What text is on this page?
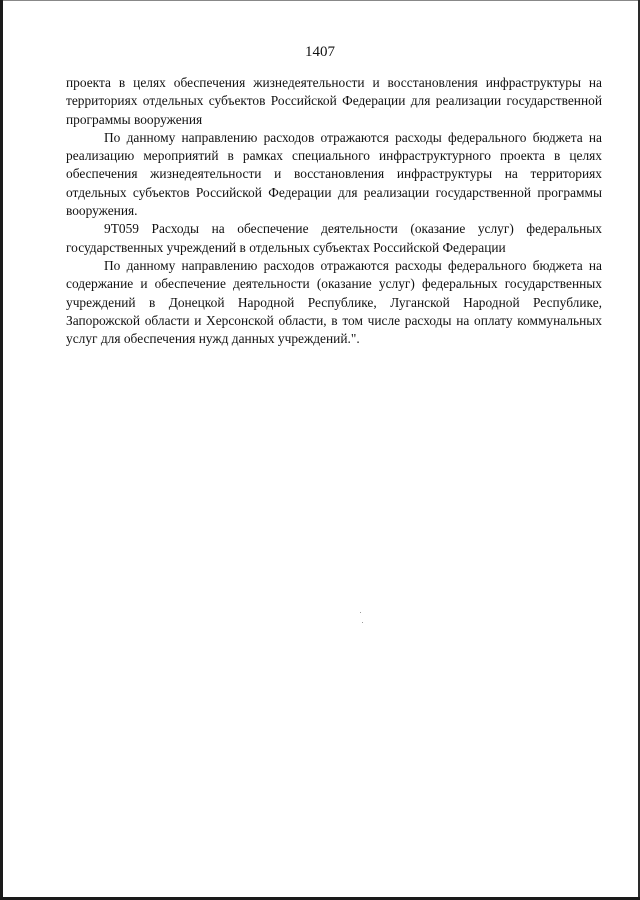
1407

проекта в целях обеспечения жизнедеятельности и восстановления инфраструктуры на территориях отдельных субъектов Российской Федерации для реализации государственной программы вооружения

По данному направлению расходов отражаются расходы федерального бюджета на реализацию мероприятий в рамках специального инфраструктурного проекта в целях обеспечения жизнедеятельности и восстановления инфраструктуры на территориях отдельных субъектов Российской Федерации для реализации государственной программы вооружения.

9Т059 Расходы на обеспечение деятельности (оказание услуг) федеральных государственных учреждений в отдельных субъектах Российской Федерации

По данному направлению расходов отражаются расходы федерального бюджета на содержание и обеспечение деятельности (оказание услуг) федеральных государственных учреждений в Донецкой Народной Республике, Луганской Народной Республике, Запорожской области и Херсонской области, в том числе расходы на оплату коммунальных услуг для обеспечения нужд данных учреждений.".
